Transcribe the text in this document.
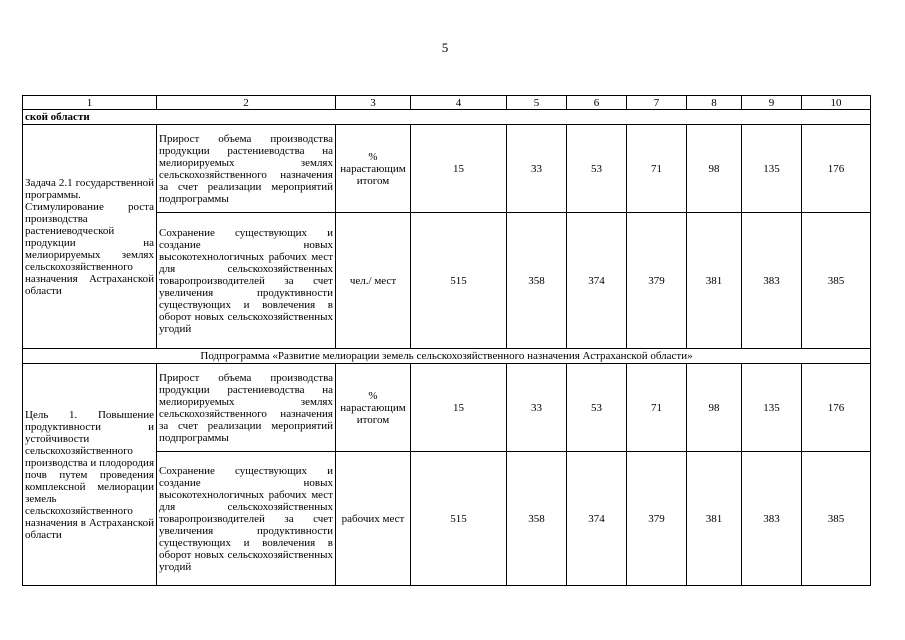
5
1	2	3	4	5	6	7	8	9	10
ской области									
Задача 2.1 государственной программы. Стимулирование роста производства растениеводческой продукции на мелиорируемых землях сельскохозяйственного назначения Астраханской области	Прирост объема производства продукции растениеводства на мелиорируемых землях сельскохозяйственного назначения за счет реализации мероприятий подпрограммы	% нарастающим итогом	15	33	53	71	98	135	176
	Сохранение существующих и создание новых высокотехнологичных рабочих мест для сельскохозяйственных товаропроизводителей за счет увеличения продуктивности существующих и вовлечения в оборот новых сельскохозяйственных угодий	чел./ мест	515	358	374	379	381	383	385
Подпрограмма «Развитие мелиорации земель сельскохозяйственного назначения Астраханской области»									
Цель 1. Повышение продуктивности и устойчивости сельскохозяйственного производства и плодородия почв путем проведения комплексной мелиорации земель сельскохозяйственного назначения в Астраханской области	Прирост объема производства продукции растениеводства на мелиорируемых землях сельскохозяйственного назначения за счет реализации мероприятий подпрограммы	% нарастающим итогом	15	33	53	71	98	135	176
	Сохранение существующих и создание новых высокотехнологичных рабочих мест для сельскохозяйственных товаропроизводителей за счет увеличения продуктивности существующих и вовлечения в оборот новых сельскохозяйственных угодий	рабочих мест	515	358	374	379	381	383	385
